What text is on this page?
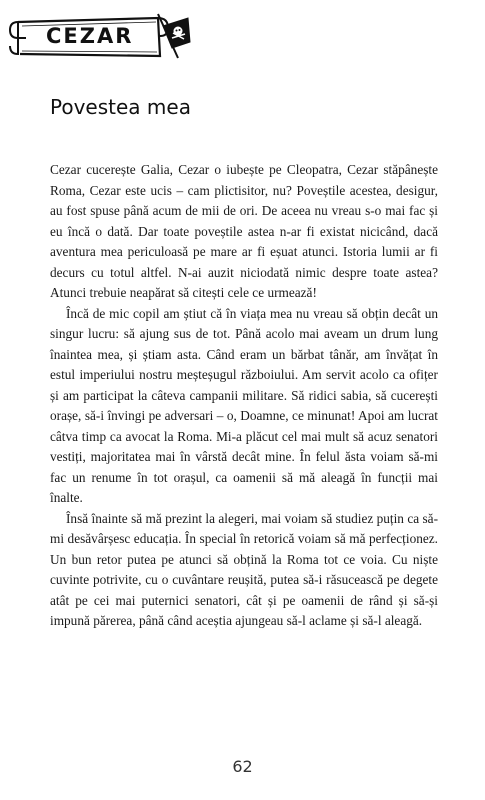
CEZAR
Povestea mea

Cezar cucerește Galia, Cezar o iubește pe Cleopatra, Cezar stăpânește Roma, Cezar este ucis – cam plictisitor, nu? Poveștile acestea, desigur, au fost spuse până acum de mii de ori. De aceea nu vreau s-o mai fac și eu încă o dată. Dar toate poveștile astea n-ar fi existat nicicând, dacă aventura mea periculoasă pe mare ar fi eșuat atunci. Istoria lumii ar fi decurs cu totul altfel. N-ai auzit niciodată nimic despre toate astea? Atunci trebuie neapărat să citești cele ce urmează!

Încă de mic copil am știut că în viața mea nu vreau să obțin decât un singur lucru: să ajung sus de tot. Până acolo mai aveam un drum lung înaintea mea, și știam asta. Când eram un bărbat tânăr, am învățat în estul imperiului nostru meșteșugul războiului. Am servit acolo ca ofițer și am participat la câteva campanii militare. Să ridici sabia, să cucerești orașe, să-i învingi pe adversari – o, Doamne, ce minunat! Apoi am lucrat câtva timp ca avocat la Roma. Mi-a plăcut cel mai mult să acuz senatori vestiți, majoritatea mai în vârstă decât mine. În felul ăsta voiam să-mi fac un renume în tot orașul, ca oamenii să mă aleagă în funcții mai înalte.

Însă înainte să mă prezint la alegeri, mai voiam să studiez puțin ca să-mi desăvârșesc educația. În special în retorică voiam să mă perfecționez. Un bun retor putea pe atunci să obțină la Roma tot ce voia. Cu niște cuvinte potrivite, cu o cuvântare reușită, putea să-i răsucească pe degete atât pe cei mai puternici senatori, cât și pe oamenii de rând și să-și impună părerea, până când aceștia ajungeau să-l aclame și să-l aleagă.

62
